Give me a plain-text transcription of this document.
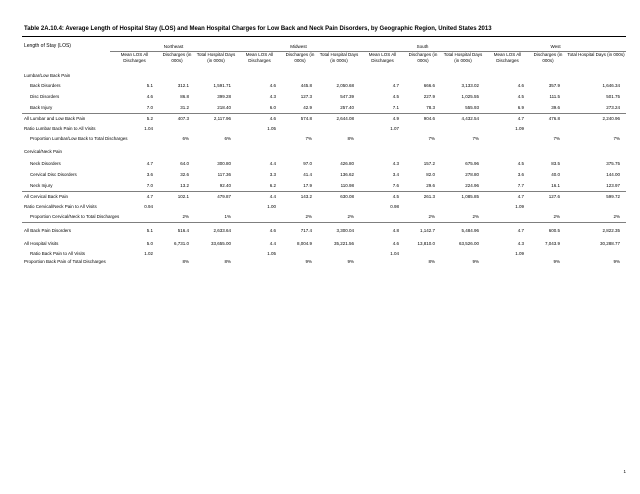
Table 2A.10.4: Average Length of Hospital Stay (LOS) and Mean Hospital Charges for Low Back and Neck Pain Disorders, by Geographic Region, United States 2013
Length of Stay (LOS)	Northeast			Midwest			South			West		
	Mean LOS All Discharges	Discharges (in 000s)	Total Hospital Days (in 000s)	Mean LOS All Discharges	Discharges (in 000s)	Total Hospital Days (in 000s)	Mean LOS All Discharges	Discharges (in 000s)	Total Hospital Days (in 000s)	Mean LOS All Discharges	Discharges (in 000s)	Total Hospital Days (in 000s)
Lumbar/Low Back Pain												
Back Disorders	5.1	312.1	1,591.71	4.6	445.8	2,050.68	4.7	666.6	3,133.02	4.6	357.9	1,646.34
Disc Disorders	4.6	86.8	399.28	4.3	127.3	547.39	4.5	227.9	1,025.55	4.5	111.5	501.75
Back Injury	7.0	31.2	218.40	6.0	42.9	257.40	7.1	78.3	555.93	6.9	39.6	273.24
All Lumbar and Low Back Pain	5.2	407.3	2,117.96	4.6	574.8	2,644.08	4.9	904.6	4,432.54	4.7	476.8	2,240.96
Ratio Lumbar Back Pain to All Visits	1.04			1.05			1.07			1.09		
Proportion Lumbar/Low Back to Total Discharges		6%	6%		7%	8%		7%	7%		7%	7%
Cervical/Neck Pain												
Neck Disorders	4.7	64.0	300.80	4.4	97.0	426.80	4.3	157.2	675.96	4.5	83.5	375.75
Cervical Disc Disorders	3.6	32.6	117.36	3.3	41.4	136.62	3.4	82.0	278.80	3.6	40.0	144.00
Neck Injury	7.0	13.2	92.40	6.2	17.9	110.98	7.6	29.6	224.96	7.7	16.1	123.97
All Cervical Back Pain	4.7	102.1	479.87	4.4	143.2	630.08	4.5	261.3	1,085.85	4.7	127.6	599.72
Ratio Cervical/Neck Pain to All Visits	0.94			1.00			0.98			1.09		
Proportion Cervical/Neck to Total Discharges		2%	1%		2%	2%		2%	2%		2%	2%
All Back Pain Disorders	5.1	516.4	2,633.64	4.6	717.4	3,300.04	4.8	1,142.7	5,484.96	4.7	600.5	2,822.35
All Hospital Visits	5.0	6,731.0	33,655.00	4.4	8,004.9	35,221.56	4.6	13,810.0	63,526.00	4.3	7,043.9	30,288.77
Ratio Back Pain to All Visits	1.02			1.05			1.04			1.09		
Proportion Back Pain of Total Discharges		8%	8%		9%	9%		8%	9%		9%	9%
1
